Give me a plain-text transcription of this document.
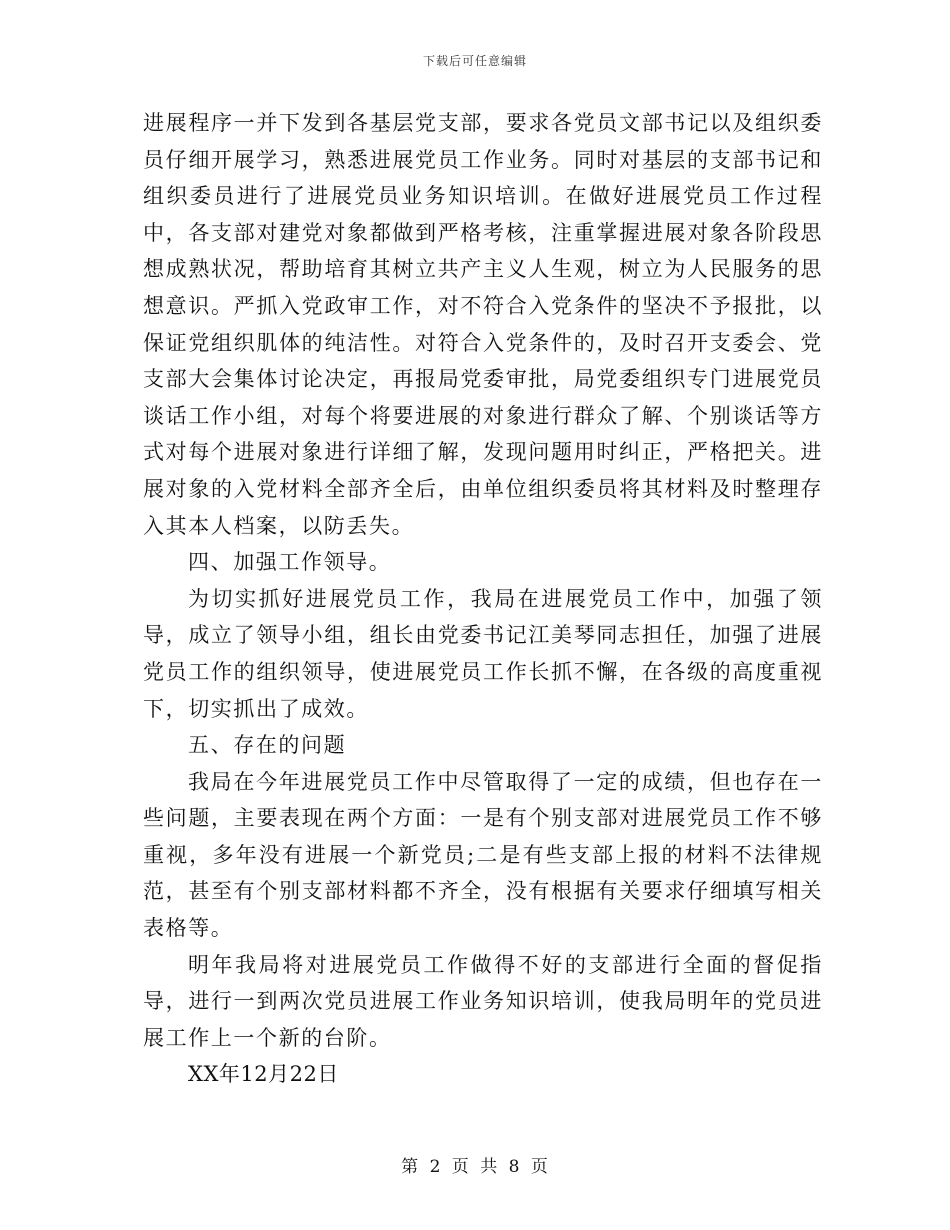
下载后可任意编辑

进展程序一并下发到各基层党支部，要求各党员文部书记以及组织委员仔细开展学习，熟悉进展党员工作业务。同时对基层的支部书记和组织委员进行了进展党员业务知识培训。在做好进展党员工作过程中，各支部对建党对象都做到严格考核，注重掌握进展对象各阶段思想成熟状况，帮助培育其树立共产主义人生观，树立为人民服务的思想意识。严抓入党政审工作，对不符合入党条件的坚决不予报批，以保证党组织肌体的纯洁性。对符合入党条件的，及时召开支委会、党支部大会集体讨论决定，再报局党委审批，局党委组织专门进展党员谈话工作小组，对每个将要进展的对象进行群众了解、个别谈话等方式对每个进展对象进行详细了解，发现问题用时纠正，严格把关。进展对象的入党材料全部齐全后，由单位组织委员将其材料及时整理存入其本人档案，以防丢失。

四、加强工作领导。

为切实抓好进展党员工作，我局在进展党员工作中，加强了领导，成立了领导小组，组长由党委书记江美琴同志担任，加强了进展党员工作的组织领导，使进展党员工作长抓不懈，在各级的高度重视下，切实抓出了成效。

五、存在的问题

我局在今年进展党员工作中尽管取得了一定的成绩，但也存在一些问题，主要表现在两个方面：一是有个别支部对进展党员工作不够重视，多年没有进展一个新党员;二是有些支部上报的材料不法律规范，甚至有个别支部材料都不齐全，没有根据有关要求仔细填写相关表格等。

明年我局将对进展党员工作做得不好的支部进行全面的督促指导，进行一到两次党员进展工作业务知识培训，使我局明年的党员进展工作上一个新的台阶。

XX年12月22日

第 2 页 共 8 页
